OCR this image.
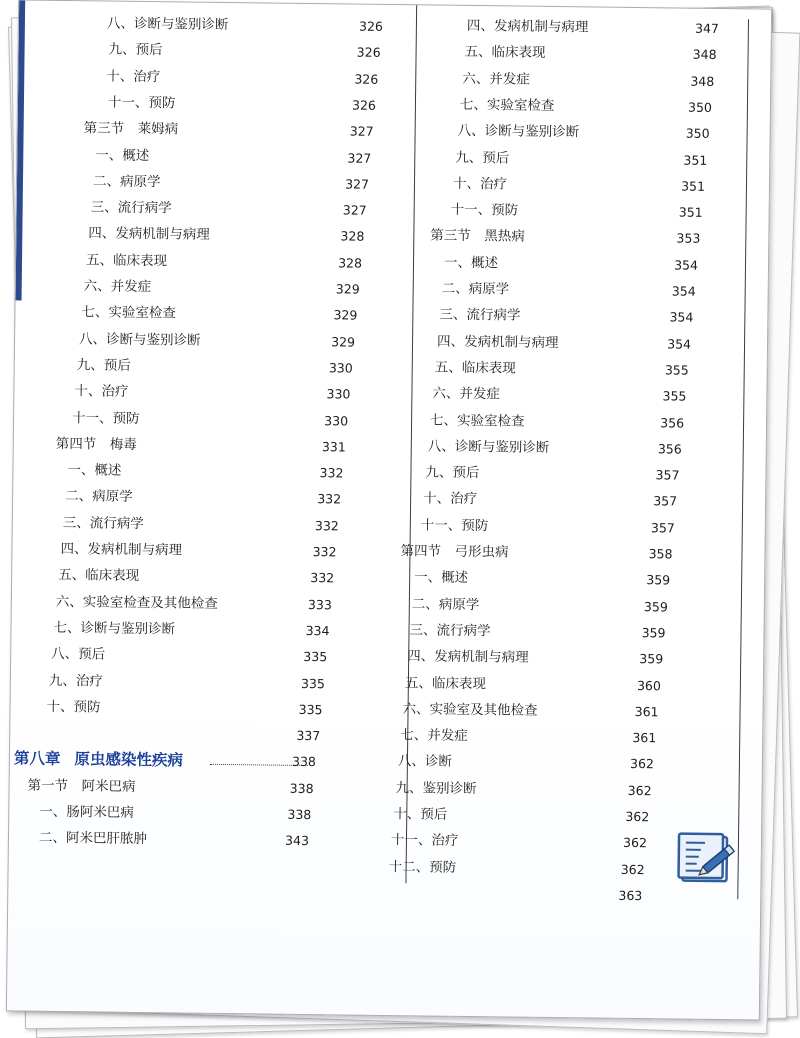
八、诊断与鉴别诊断	326
九、预后	326
十、治疗	326
十一、预防	326
第三节　莱姆病	327
一、概述	327
二、病原学	327
三、流行病学	327
四、发病机制与病理	328
五、临床表现	328
六、并发症	329
七、实验室检查	329
八、诊断与鉴别诊断	329
九、预后	330
十、治疗	330
十一、预防	330
第四节　梅毒	331
一、概述	332
二、病原学	332
三、流行病学	332
四、发病机制与病理	332
五、临床表现	332
六、实验室检查及其他检查	333
七、诊断与鉴别诊断	334
八、预后	335
九、治疗	335
十、预防	335
337
第八章 原虫感染性疾病	338
第一节　阿米巴病	338
一、肠阿米巴病	338
二、阿米巴肝脓肿	343
四、发病机制与病理	347
五、临床表现	348
六、并发症	348
七、实验室检查	350
八、诊断与鉴别诊断	350
九、预后	351
十、治疗	351
十一、预防	351
第三节　黑热病	353
一、概述	354
二、病原学	354
三、流行病学	354
四、发病机制与病理	354
五、临床表现	355
六、并发症	355
七、实验室检查	356
八、诊断与鉴别诊断	356
九、预后	357
十、治疗	357
十一、预防	357
第四节　弓形虫病	358
一、概述	359
二、病原学	359
三、流行病学	359
四、发病机制与病理	359
五、临床表现	360
六、实验室及其他检查	361
七、并发症	361
八、诊断	362
九、鉴别诊断	362
十、预后	362
十一、治疗	362
十二、预防	362
363
